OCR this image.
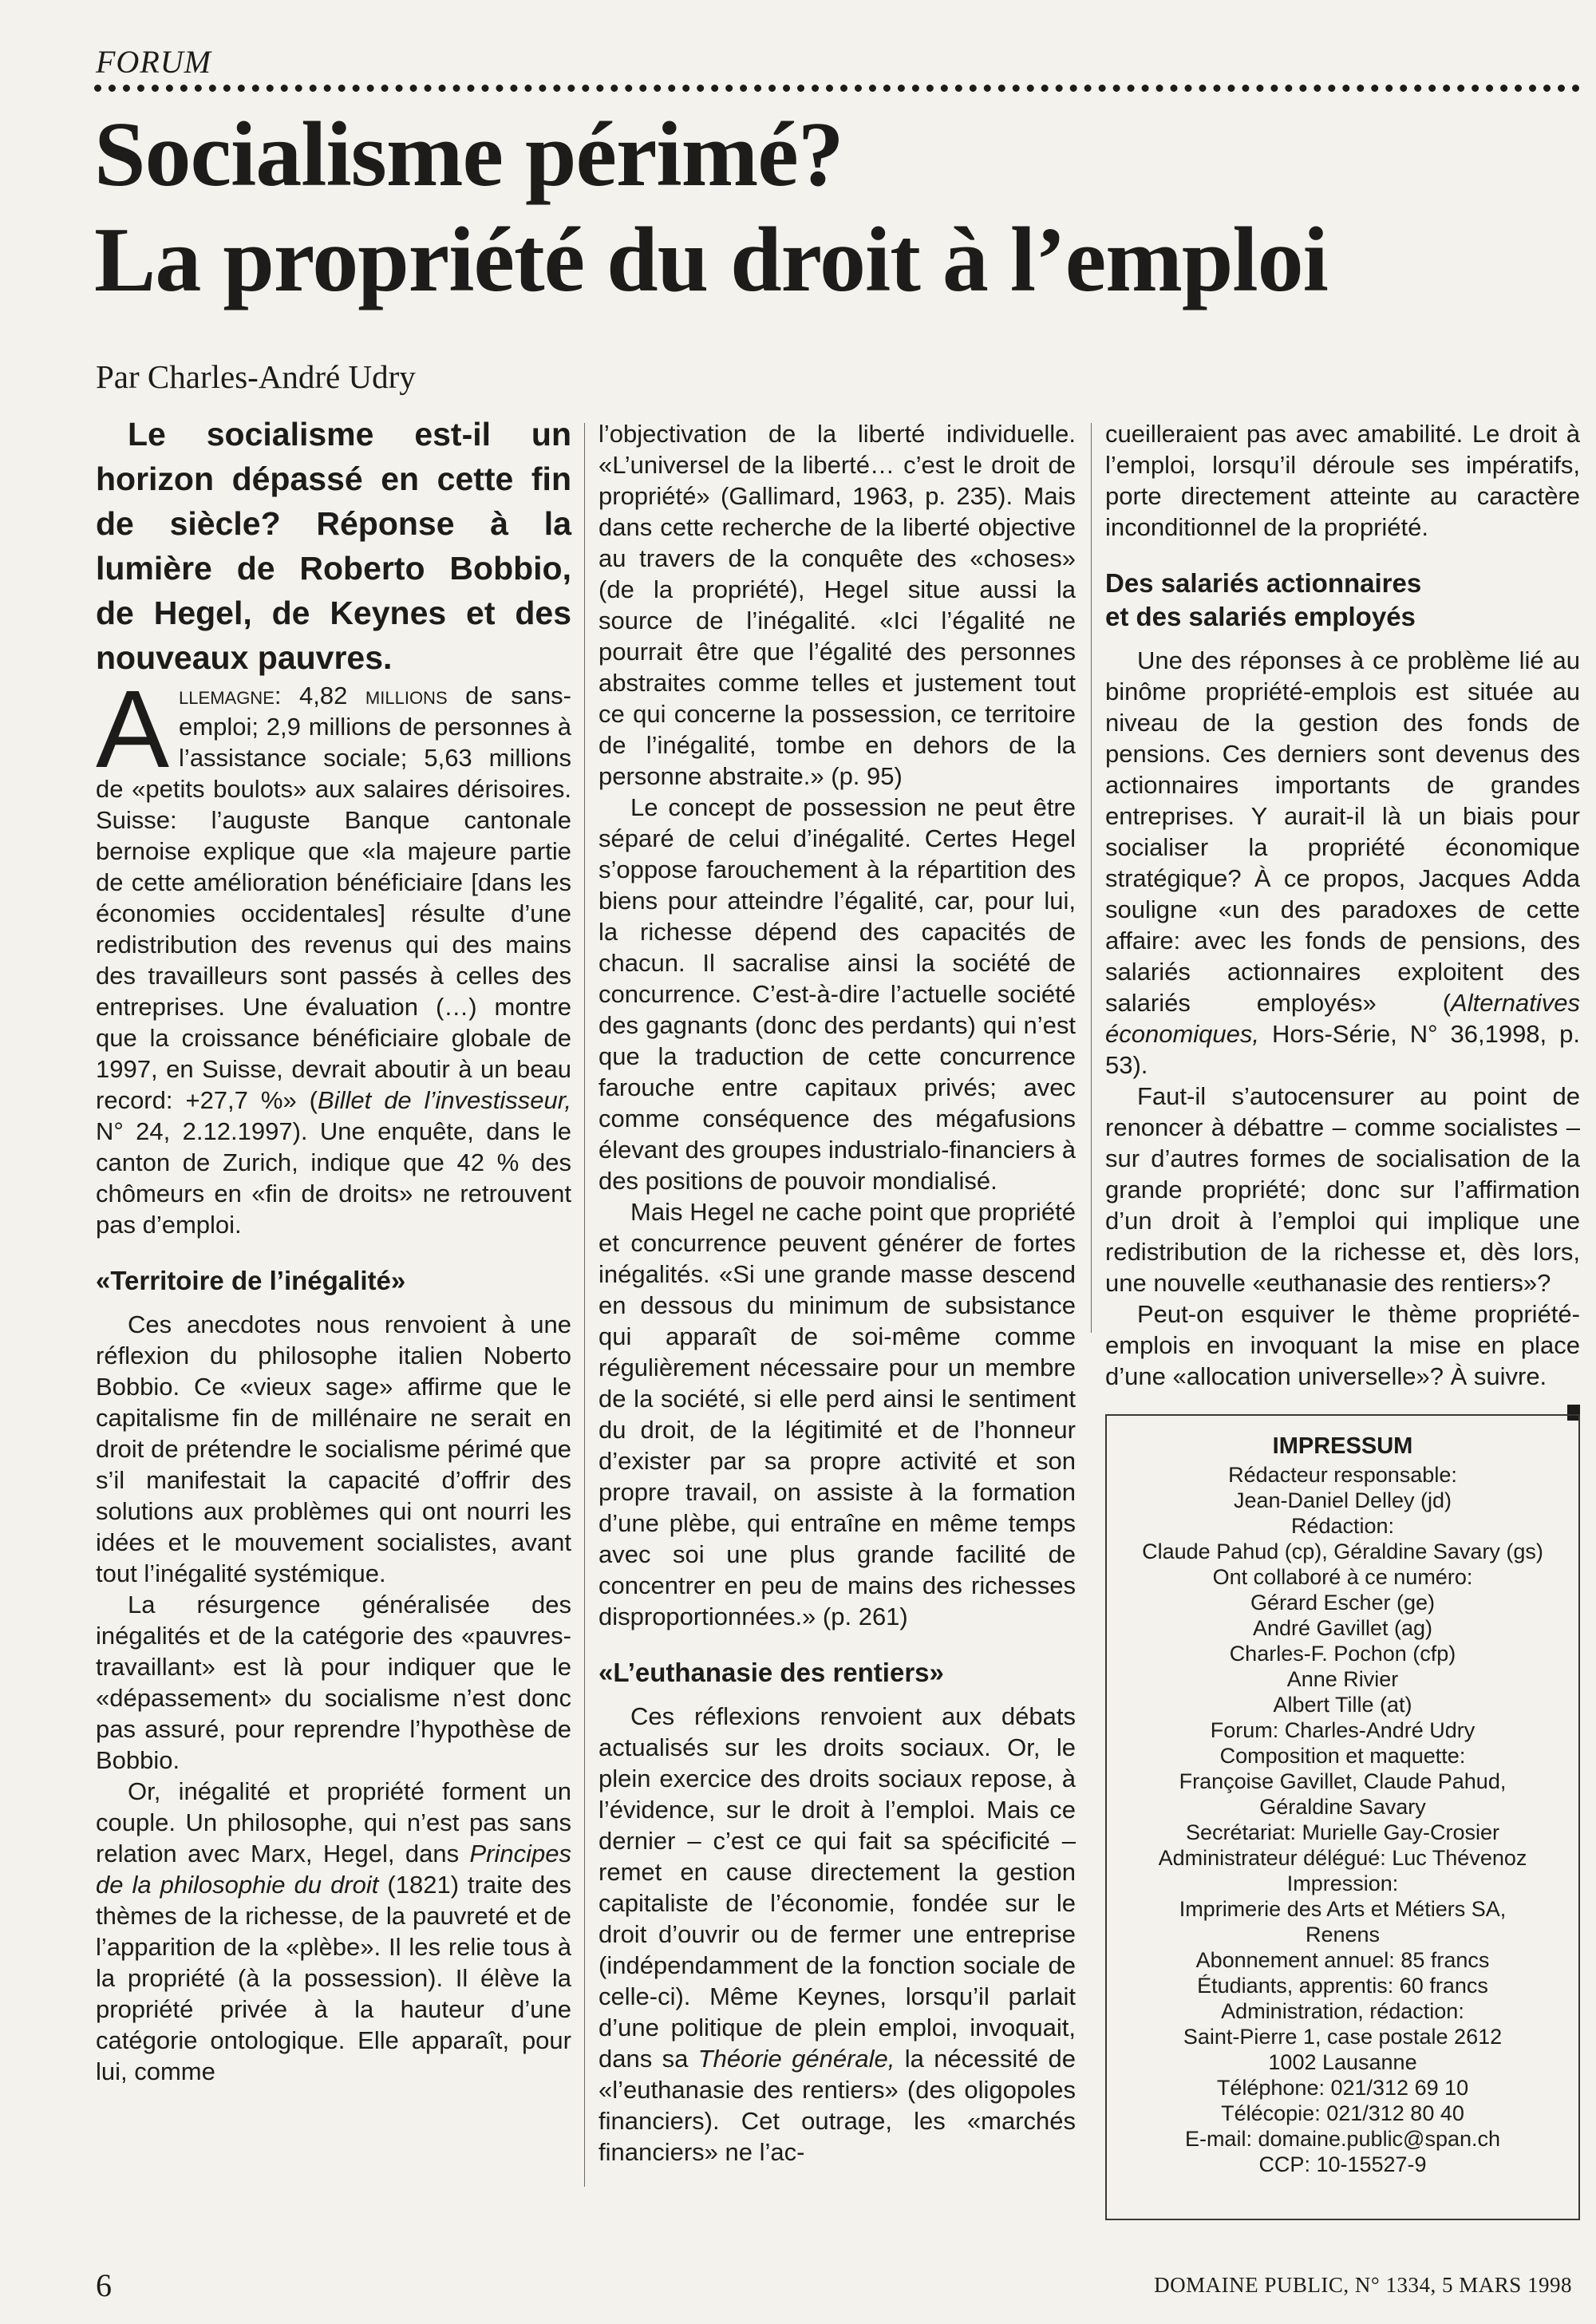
FORUM
Socialisme périmé?
La propriété du droit à l’emploi
Par Charles-André Udry

Le socialisme est-il un horizon dépassé en cette fin de siècle? Réponse à la lumière de Roberto Bobbio, de Hegel, de Keynes et des nouveaux pauvres.

Allemagne: 4,82 millions de sans-emploi; 2,9 millions de personnes à l’assistance sociale; 5,63 millions de «petits boulots» aux salaires dérisoires. Suisse: l’auguste Banque cantonale bernoise explique que «la majeure partie de cette amélioration bénéficiaire [dans les économies occidentales] résulte d’une redistribution des revenus qui des mains des travailleurs sont passés à celles des entreprises. Une évaluation (…) montre que la croissance bénéficiaire globale de 1997, en Suisse, devrait aboutir à un beau record: +27,7 %» (Billet de l’investisseur, N° 24, 2.12.1997). Une enquête, dans le canton de Zurich, indique que 42 % des chômeurs en «fin de droits» ne retrouvent pas d’emploi.

«Territoire de l’inégalité»

Ces anecdotes nous renvoient à une réflexion du philosophe italien Noberto Bobbio. Ce «vieux sage» affirme que le capitalisme fin de millénaire ne serait en droit de prétendre le socialisme périmé que s’il manifestait la capacité d’offrir des solutions aux problèmes qui ont nourri les idées et le mouvement socialistes, avant tout l’inégalité systémique.

La résurgence généralisée des inégalités et de la catégorie des «pauvres-travaillant» est là pour indiquer que le «dépassement» du socialisme n’est donc pas assuré, pour reprendre l’hypothèse de Bobbio.

Or, inégalité et propriété forment un couple. Un philosophe, qui n’est pas sans relation avec Marx, Hegel, dans Principes de la philosophie du droit (1821) traite des thèmes de la richesse, de la pauvreté et de l’apparition de la «plèbe». Il les relie tous à la propriété (à la possession). Il élève la propriété privée à la hauteur d’une catégorie ontologique. Elle apparaît, pour lui, comme

l’objectivation de la liberté individuelle. «L’universel de la liberté… c’est le droit de propriété» (Gallimard, 1963, p. 235). Mais dans cette recherche de la liberté objective au travers de la conquête des «choses» (de la propriété), Hegel situe aussi la source de l’inégalité. «Ici l’égalité ne pourrait être que l’égalité des personnes abstraites comme telles et justement tout ce qui concerne la possession, ce territoire de l’inégalité, tombe en dehors de la personne abstraite.» (p. 95)

Le concept de possession ne peut être séparé de celui d’inégalité. Certes Hegel s’oppose farouchement à la répartition des biens pour atteindre l’égalité, car, pour lui, la richesse dépend des capacités de chacun. Il sacralise ainsi la société de concurrence. C’est-à-dire l’actuelle société des gagnants (donc des perdants) qui n’est que la traduction de cette concurrence farouche entre capitaux privés; avec comme conséquence des mégafusions élevant des groupes industrialo-financiers à des positions de pouvoir mondialisé.

Mais Hegel ne cache point que propriété et concurrence peuvent générer de fortes inégalités. «Si une grande masse descend en dessous du minimum de subsistance qui apparaît de soi-même comme régulièrement nécessaire pour un membre de la société, si elle perd ainsi le sentiment du droit, de la légitimité et de l’honneur d’exister par sa propre activité et son propre travail, on assiste à la formation d’une plèbe, qui entraîne en même temps avec soi une plus grande facilité de concentrer en peu de mains des richesses disproportionnées.» (p. 261)

«L’euthanasie des rentiers»

Ces réflexions renvoient aux débats actualisés sur les droits sociaux. Or, le plein exercice des droits sociaux repose, à l’évidence, sur le droit à l’emploi. Mais ce dernier – c’est ce qui fait sa spécificité – remet en cause directement la gestion capitaliste de l’économie, fondée sur le droit d’ouvrir ou de fermer une entreprise (indépendamment de la fonction sociale de celle-ci). Même Keynes, lorsqu’il parlait d’une politique de plein emploi, invoquait, dans sa Théorie générale, la nécessité de «l’euthanasie des rentiers» (des oligopoles financiers). Cet outrage, les «marchés financiers» ne l’ac-

cueilleraient pas avec amabilité. Le droit à l’emploi, lorsqu’il déroule ses impératifs, porte directement atteinte au caractère inconditionnel de la propriété.

Des salariés actionnaires
et des salariés employés

Une des réponses à ce problème lié au binôme propriété-emplois est située au niveau de la gestion des fonds de pensions. Ces derniers sont devenus des actionnaires importants de grandes entreprises. Y aurait-il là un biais pour socialiser la propriété économique stratégique? À ce propos, Jacques Adda souligne «un des paradoxes de cette affaire: avec les fonds de pensions, des salariés actionnaires exploitent des salariés employés» (Alternatives économiques, Hors-Série, N° 36,1998, p. 53).

Faut-il s’autocensurer au point de renoncer à débattre – comme socialistes – sur d’autres formes de socialisation de la grande propriété; donc sur l’affirmation d’un droit à l’emploi qui implique une redistribution de la richesse et, dès lors, une nouvelle «euthanasie des rentiers»?

Peut-on esquiver le thème propriété-emplois en invoquant la mise en place d’une «allocation universelle»? À suivre.

IMPRESSUM
Rédacteur responsable:
Jean-Daniel Delley (jd)
Rédaction:
Claude Pahud (cp), Géraldine Savary (gs)
Ont collaboré à ce numéro:
Gérard Escher (ge)
André Gavillet (ag)
Charles-F. Pochon (cfp)
Anne Rivier
Albert Tille (at)
Forum: Charles-André Udry
Composition et maquette:
Françoise Gavillet, Claude Pahud,
Géraldine Savary
Secrétariat: Murielle Gay-Crosier
Administrateur délégué: Luc Thévenoz
Impression:
Imprimerie des Arts et Métiers SA,
Renens
Abonnement annuel: 85 francs
Étudiants, apprentis: 60 francs
Administration, rédaction:
Saint-Pierre 1, case postale 2612
1002 Lausanne
Téléphone: 021/312 69 10
Télécopie: 021/312 80 40
E-mail: domaine.public@span.ch
CCP: 10-15527-9
6	DOMAINE PUBLIC, N° 1334, 5 MARS 1998
